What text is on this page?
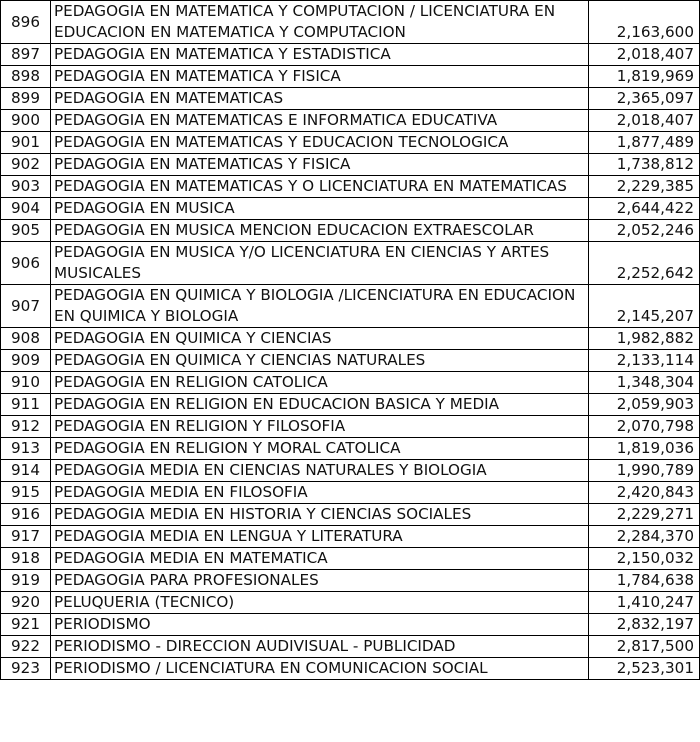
896	PEDAGOGIA EN MATEMATICA Y COMPUTACION / LICENCIATURA EN EDUCACION EN MATEMATICA Y COMPUTACION	2,163,600
897	PEDAGOGIA EN MATEMATICA Y ESTADISTICA	2,018,407
898	PEDAGOGIA EN MATEMATICA Y FISICA	1,819,969
899	PEDAGOGIA EN MATEMATICAS	2,365,097
900	PEDAGOGIA EN MATEMATICAS E INFORMATICA EDUCATIVA	2,018,407
901	PEDAGOGIA EN MATEMATICAS Y EDUCACION TECNOLOGICA	1,877,489
902	PEDAGOGIA EN MATEMATICAS Y FISICA	1,738,812
903	PEDAGOGIA EN MATEMATICAS Y O LICENCIATURA EN MATEMATICAS	2,229,385
904	PEDAGOGIA EN MUSICA	2,644,422
905	PEDAGOGIA EN MUSICA MENCION EDUCACION EXTRAESCOLAR	2,052,246
906	PEDAGOGIA EN MUSICA Y/O LICENCIATURA EN CIENCIAS Y ARTES MUSICALES	2,252,642
907	PEDAGOGIA EN QUIMICA Y BIOLOGIA /LICENCIATURA EN EDUCACION EN QUIMICA Y BIOLOGIA	2,145,207
908	PEDAGOGIA EN QUIMICA Y CIENCIAS	1,982,882
909	PEDAGOGIA EN QUIMICA Y CIENCIAS NATURALES	2,133,114
910	PEDAGOGIA EN RELIGION CATOLICA	1,348,304
911	PEDAGOGIA EN RELIGION EN EDUCACION BASICA Y MEDIA	2,059,903
912	PEDAGOGIA EN RELIGION Y FILOSOFIA	2,070,798
913	PEDAGOGIA EN RELIGION Y MORAL CATOLICA	1,819,036
914	PEDAGOGIA MEDIA EN CIENCIAS NATURALES Y BIOLOGIA	1,990,789
915	PEDAGOGIA MEDIA EN FILOSOFIA	2,420,843
916	PEDAGOGIA MEDIA EN HISTORIA Y CIENCIAS SOCIALES	2,229,271
917	PEDAGOGIA MEDIA EN LENGUA Y LITERATURA	2,284,370
918	PEDAGOGIA MEDIA EN MATEMATICA	2,150,032
919	PEDAGOGIA PARA PROFESIONALES	1,784,638
920	PELUQUERIA (TECNICO)	1,410,247
921	PERIODISMO	2,832,197
922	PERIODISMO - DIRECCION AUDIVISUAL - PUBLICIDAD	2,817,500
923	PERIODISMO / LICENCIATURA EN COMUNICACION SOCIAL	2,523,301
